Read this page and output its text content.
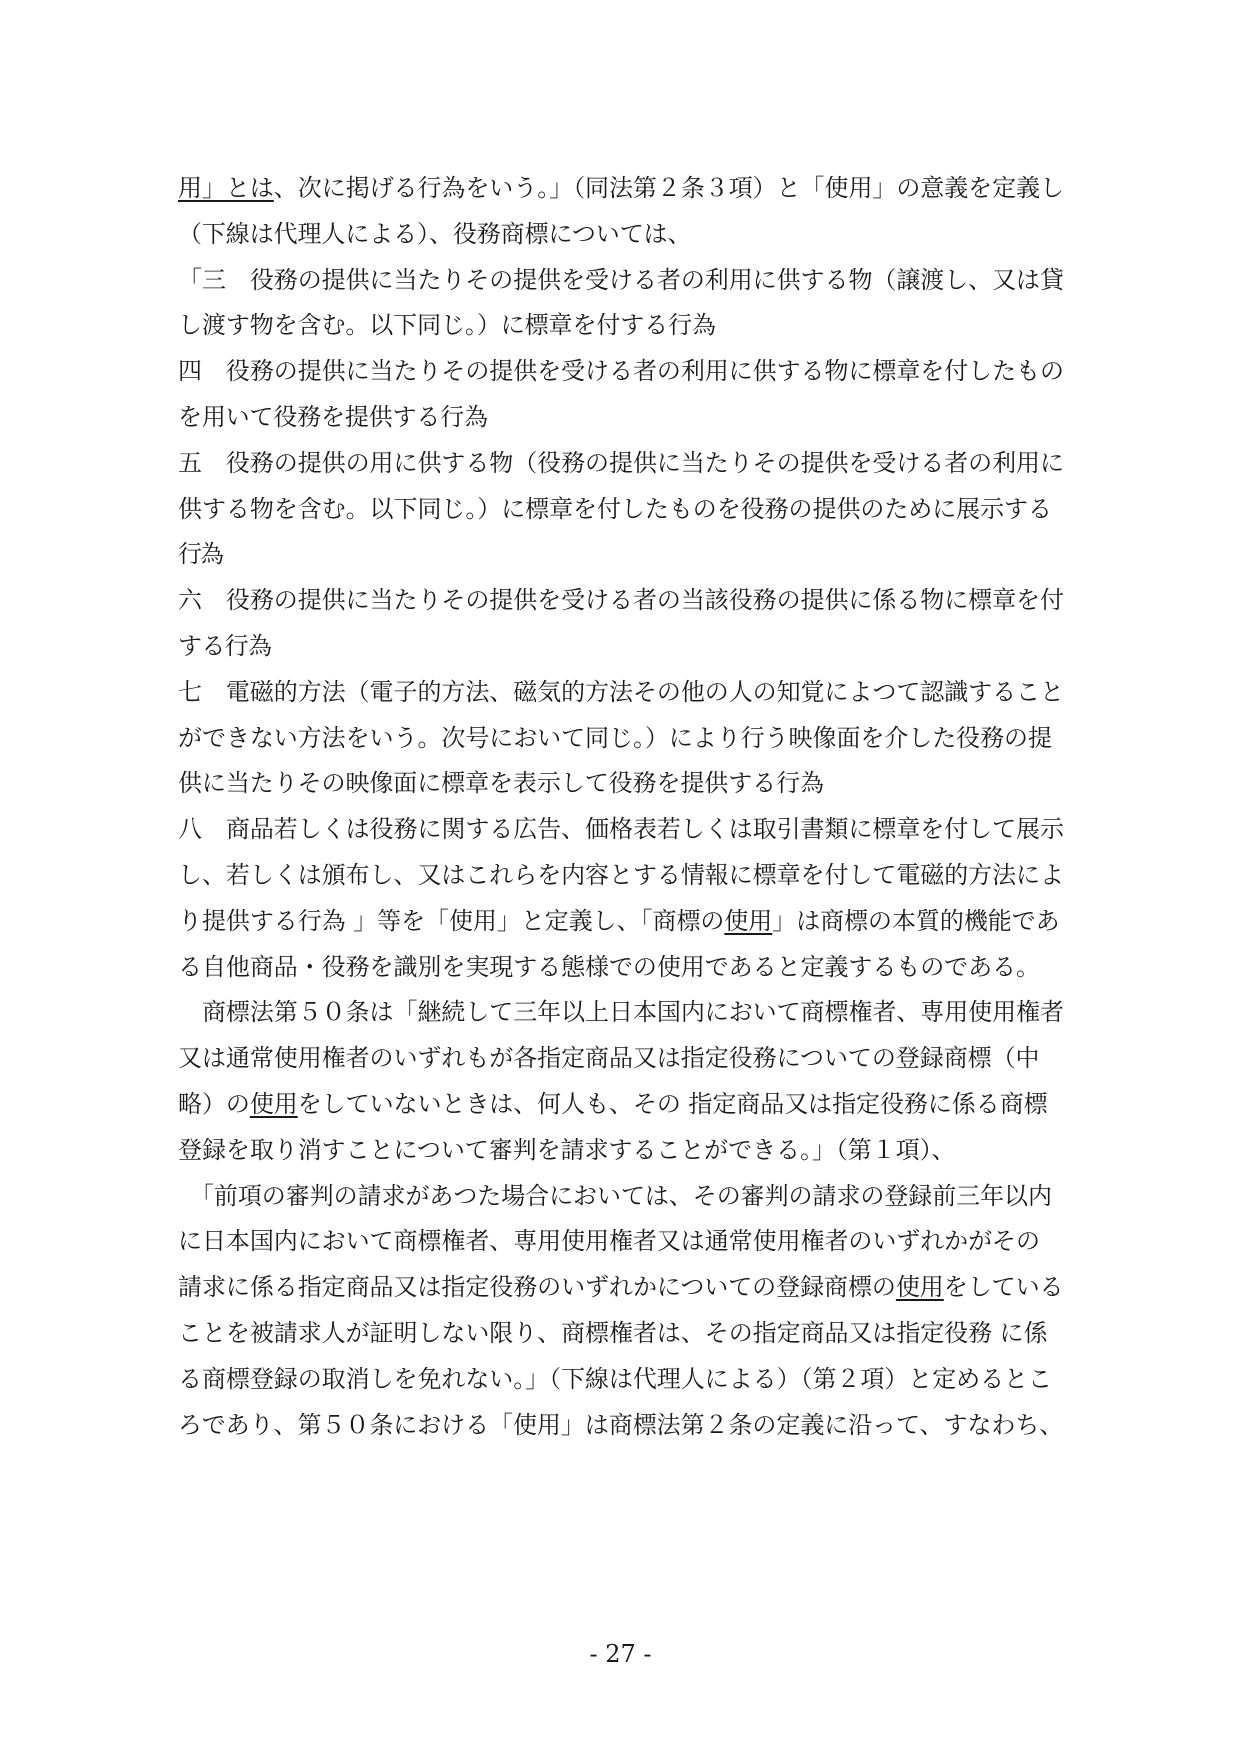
用」とは、次に掲げる行為をいう。」（同法第２条３項）と「使用」の意義を定義し

（下線は代理人による）、役務商標については、

「三　役務の提供に当たりその提供を受ける者の利用に供する物（譲渡し、又は貸

し渡す物を含む。以下同じ。）に標章を付する行為

四　役務の提供に当たりその提供を受ける者の利用に供する物に標章を付したもの

を用いて役務を提供する行為

五　役務の提供の用に供する物（役務の提供に当たりその提供を受ける者の利用に

供する物を含む。以下同じ。）に標章を付したものを役務の提供のために展示する

行為

六　役務の提供に当たりその提供を受ける者の当該役務の提供に係る物に標章を付

する行為

七　電磁的方法（電子的方法、磁気的方法その他の人の知覚によつて認識すること

ができない方法をいう。次号において同じ。）により行う映像面を介した役務の提

供に当たりその映像面に標章を表示して役務を提供する行為

八　商品若しくは役務に関する広告、価格表若しくは取引書類に標章を付して展示

し、若しくは頒布し、又はこれらを内容とする情報に標章を付して電磁的方法によ

り提供する行為 」等を「使用」と定義し、「商標の使用」は商標の本質的機能であ

る自他商品・役務を識別を実現する態様での使用であると定義するものである。

　商標法第５０条は「継続して三年以上日本国内において商標権者、専用使用権者

又は通常使用権者のいずれもが各指定商品又は指定役務についての登録商標（中

略）の使用をしていないときは、何人も、その 指定商品又は指定役務に係る商標

登録を取り消すことについて審判を請求することができる。」（第１項）、

　「前項の審判の請求があつた場合においては、その審判の請求の登録前三年以内

に日本国内において商標権者、専用使用権者又は通常使用権者のいずれかがその

請求に係る指定商品又は指定役務のいずれかについての登録商標の使用をしている

ことを被請求人が証明しない限り、商標権者は、その指定商品又は指定役務 に係

る商標登録の取消しを免れない。」（下線は代理人による）（第２項）と定めるとこ

ろであり、第５０条における「使用」は商標法第２条の定義に沿って、すなわち、

- 27 -
